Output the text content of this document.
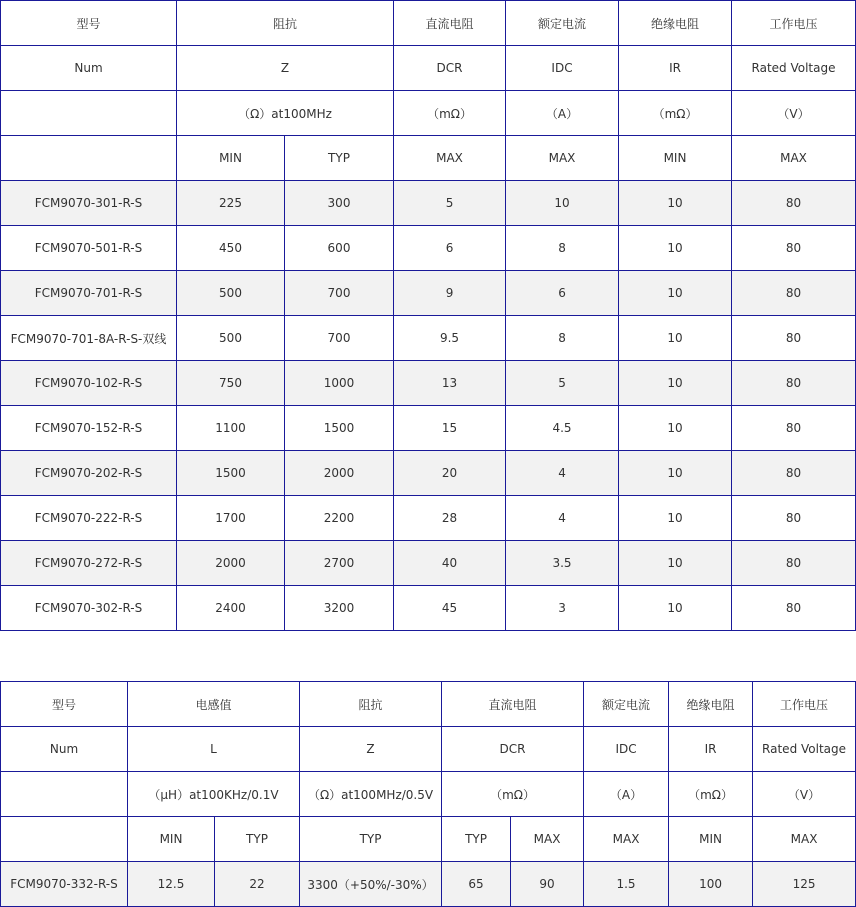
型号	阻抗		直流电阻	额定电流	绝缘电阻	工作电压
Num	Z		DCR	IDC	IR	Rated Voltage
	（Ω）at100MHz		（mΩ）	（A）	（mΩ）	（V）
	MIN	TYP	MAX	MAX	MIN	MAX
FCM9070-301-R-S	225	300	5	10	10	80
FCM9070-501-R-S	450	600	6	8	10	80
FCM9070-701-R-S	500	700	9	6	10	80
FCM9070-701-8A-R-S-双线	500	700	9.5	8	10	80
FCM9070-102-R-S	750	1000	13	5	10	80
FCM9070-152-R-S	1100	1500	15	4.5	10	80
FCM9070-202-R-S	1500	2000	20	4	10	80
FCM9070-222-R-S	1700	2200	28	4	10	80
FCM9070-272-R-S	2000	2700	40	3.5	10	80
FCM9070-302-R-S	2400	3200	45	3	10	80
型号	电感值		阻抗	直流电阻		额定电流	绝缘电阻	工作电压
Num	L		Z	DCR		IDC	IR	Rated Voltage
	（μH）at100KHz/0.1V		（Ω）at100MHz/0.5V	（mΩ）		（A）	（mΩ）	（V）
	MIN	TYP	TYP	TYP	MAX	MAX	MIN	MAX
FCM9070-332-R-S	12.5	22	3300（+50%/-30%）	65	90	1.5	100	125
